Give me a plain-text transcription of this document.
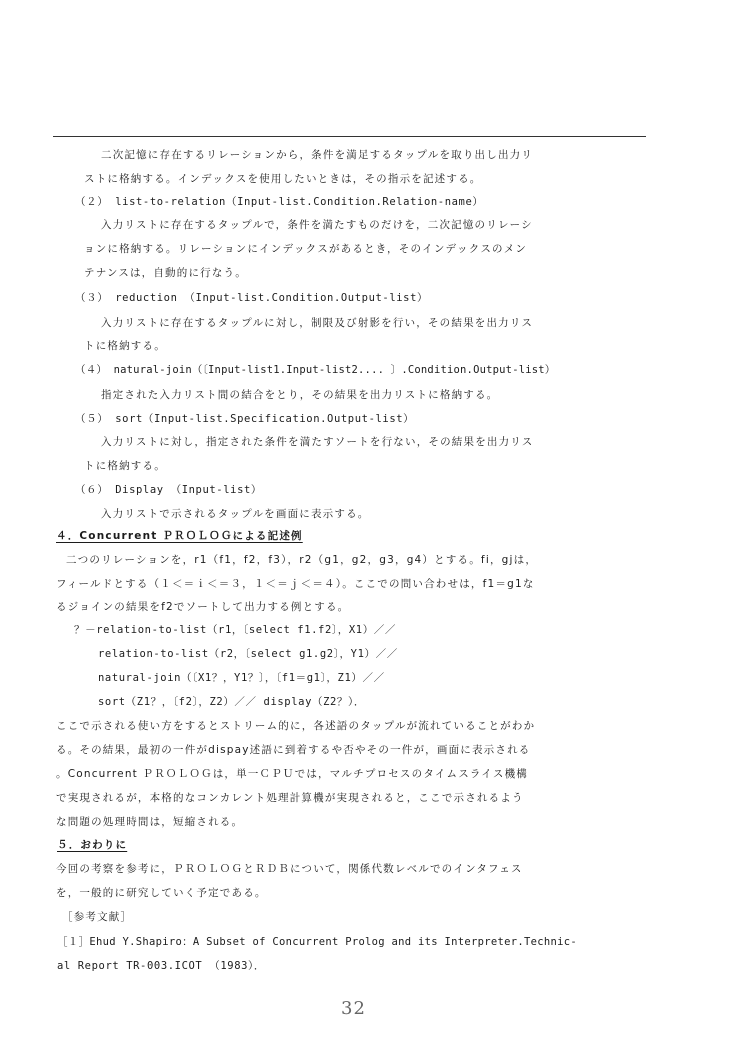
二次記憶に存在するリレーションから，条件を満足するタップルを取り出し出力リ
ストに格納する。インデックスを使用したいときは，その指示を記述する。
（２） list-to-relation（Input-list.Condition.Relation-name）
入力リストに存在するタップルで，条件を満たすものだけを，二次記憶のリレーシ
ョンに格納する。リレーションにインデックスがあるとき，そのインデックスのメン
テナンスは，自動的に行なう。
（３） reduction （Input-list.Condition.Output-list）
入力リストに存在するタップルに対し，制限及び射影を行い，その結果を出力リス
トに格納する。
（４） natural-join（〔Input-list1.Input-list2.... 〕.Condition.Output-list）
指定された入力リスト間の結合をとり，その結果を出力リストに格納する。
（５） sort（Input-list.Specification.Output-list）
入力リストに対し，指定された条件を満たすソートを行ない，その結果を出力リス
トに格納する。
（６） Display （Input-list）
入力リストで示されるタップルを画面に表示する。
４．Concurrent ＰＲＯＬＯＧによる記述例
二つのリレーションを，r1（f1，f2，f3），r2（g1，g2，g3，g4）とする。fi，gjは，
フィールドとする（１＜＝ｉ＜＝３，１＜＝ｊ＜＝４）。ここでの問い合わせは，f1＝g1な
るジョインの結果をf2でソートして出力する例とする。
？－relation-to-list（r1，〔select f1.f2〕，X1）／／
relation-to-list（r2，〔select g1.g2〕，Y1）／／
natural-join（〔X1？，Y1？〕，〔f1＝g1〕，Z1）／／
sort（Z1？，〔f2〕，Z2）／／ display（Z2？）．
ここで示される使い方をするとストリーム的に，各述語のタップルが流れていることがわか
る。その結果，最初の一件がdispay述語に到着するや否やその一件が，画面に表示される
。Concurrent ＰＲＯＬＯＧは，単一ＣＰＵでは，マルチプロセスのタイムスライス機構
で実現されるが，本格的なコンカレント処理計算機が実現されると，ここで示されるよう
な問題の処理時間は，短縮される。
５．おわりに
今回の考察を参考に，ＰＲＯＬＯＧとＲＤＢについて，関係代数レベルでのインタフェス
を，一般的に研究していく予定である。
［参考文献］
［１］Ehud Y.Shapiro：A Subset of Concurrent Prolog and its Interpreter.Technic-
al Report TR-003.ICOT （1983）．
32
